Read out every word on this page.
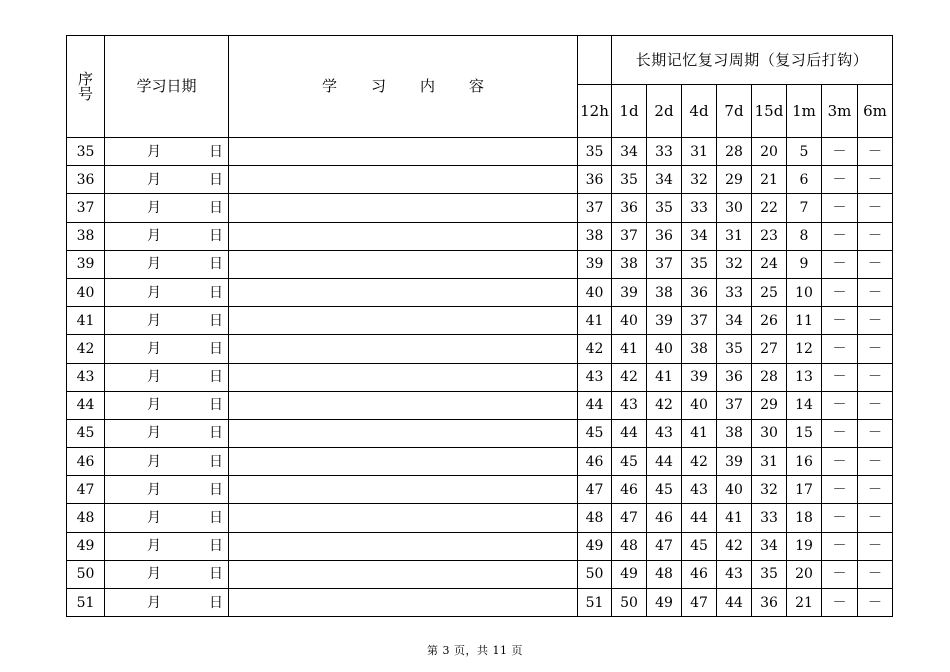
序
号	学习日期	学习内容		长期记忆复习周期（复习后打钩）							
			12h	1d	2d	4d	7d	15d	1m	3m	6m
35	月 日		35	34	33	31	28	20	5	－	－
36	月 日		36	35	34	32	29	21	6	－	－
37	月 日		37	36	35	33	30	22	7	－	－
38	月 日		38	37	36	34	31	23	8	－	－
39	月 日		39	38	37	35	32	24	9	－	－
40	月 日		40	39	38	36	33	25	10	－	－
41	月 日		41	40	39	37	34	26	11	－	－
42	月 日		42	41	40	38	35	27	12	－	－
43	月 日		43	42	41	39	36	28	13	－	－
44	月 日		44	43	42	40	37	29	14	－	－
45	月 日		45	44	43	41	38	30	15	－	－
46	月 日		46	45	44	42	39	31	16	－	－
47	月 日		47	46	45	43	40	32	17	－	－
48	月 日		48	47	46	44	41	33	18	－	－
49	月 日		49	48	47	45	42	34	19	－	－
50	月 日		50	49	48	46	43	35	20	－	－
51	月 日		51	50	49	47	44	36	21	－	－
第 3 页，共 11 页
